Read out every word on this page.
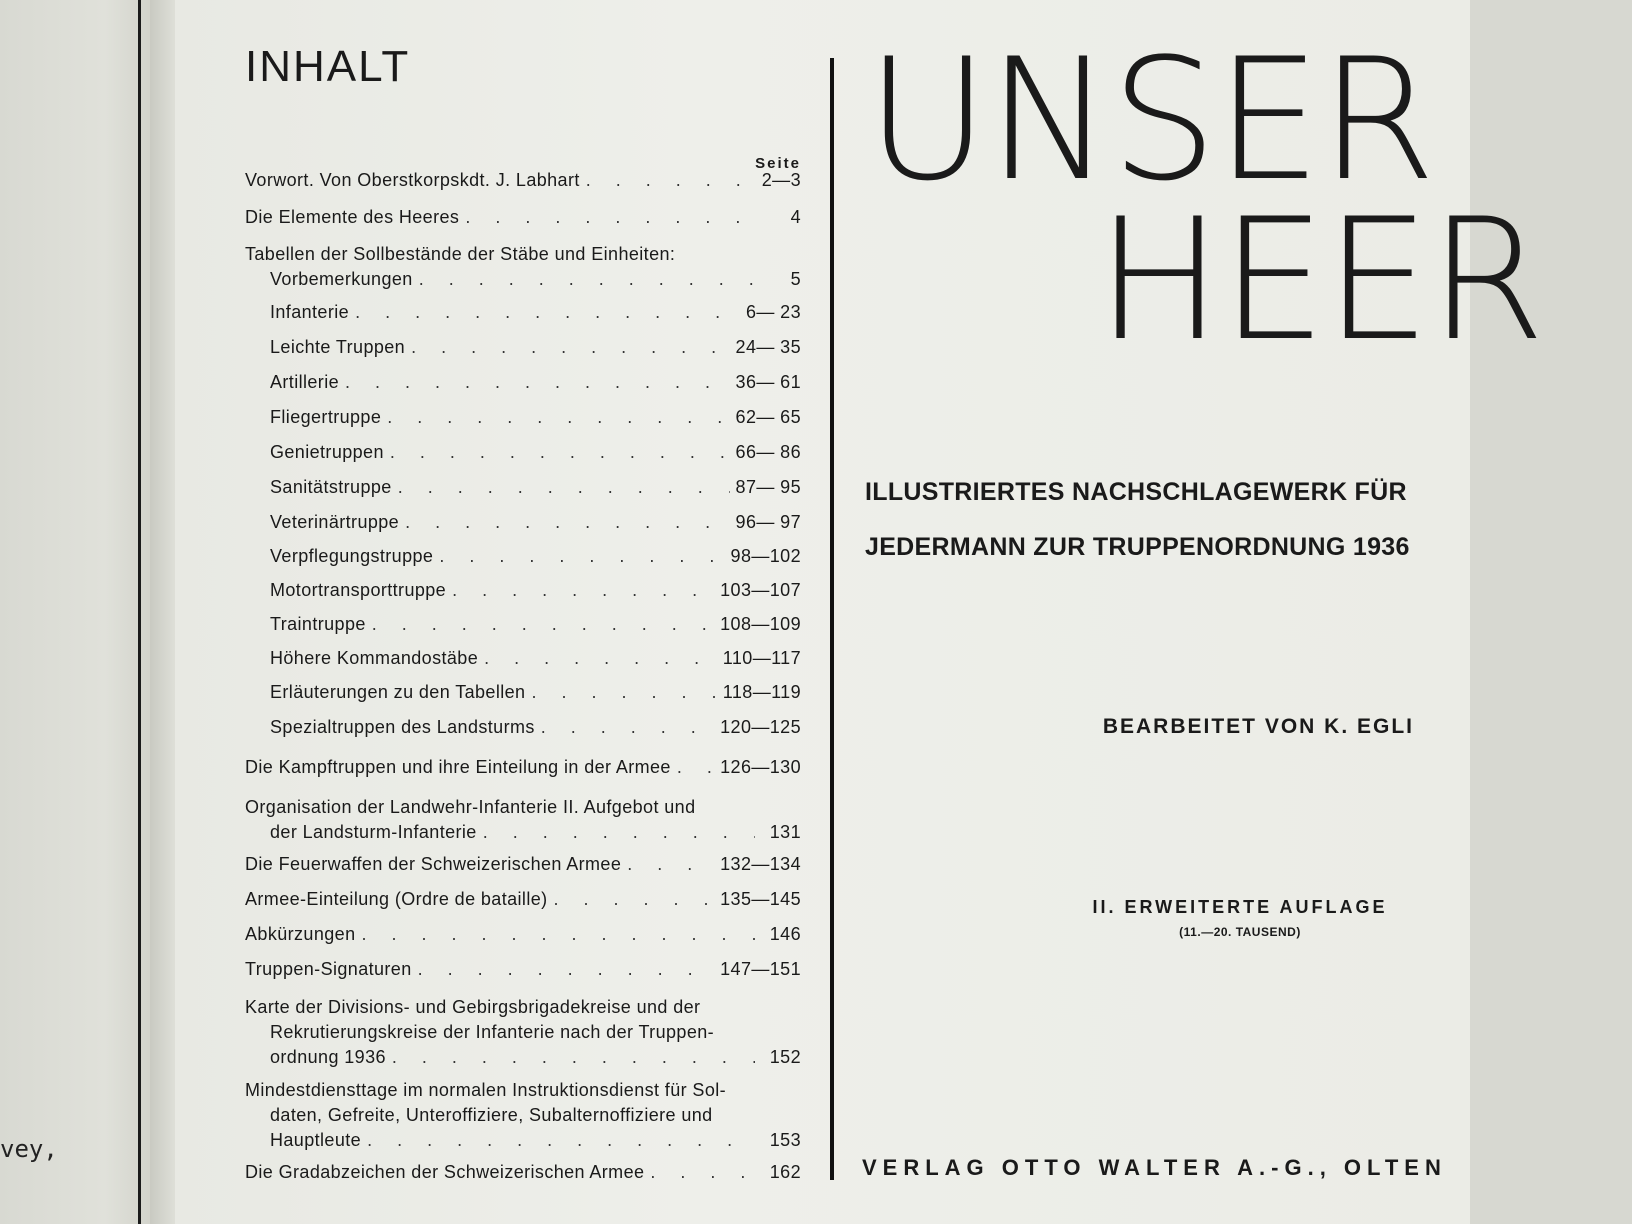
vey,
INHALT
Seite
Vorwort. Von Oberstkorpskdt. J. Labhart . . .	2—3
Die Elemente des Heeres . . .	4
Tabellen der Sollbestände der Stäbe und Einheiten:
Vorbemerkungen . . .	5
Infanterie . . .	6— 23
Leichte Truppen . . .	24— 35
Artillerie . . .	36— 61
Fliegertruppe . . .	62— 65
Genietruppen . . .	66— 86
Sanitätstruppe . . .	87— 95
Veterinärtruppe . . .	96— 97
Verpflegungstruppe . . .	98—102
Motortransporttruppe . . .	103—107
Traintruppe . . .	108—109
Höhere Kommandostäbe . . .	110—117
Erläuterungen zu den Tabellen . . .	118—119
Spezialtruppen des Landsturms . . .	120—125
Die Kampftruppen und ihre Einteilung in der Armee . . .	126—130
Organisation der Landwehr-Infanterie II. Aufgebot und
der Landsturm-Infanterie . . .	131
Die Feuerwaffen der Schweizerischen Armee . . .	132—134
Armee-Einteilung (Ordre de bataille) . . .	135—145
Abkürzungen . . .	146
Truppen-Signaturen . . .	147—151
Karte der Divisions- und Gebirgsbrigadekreise und der
Rekrutierungskreise der Infanterie nach der Truppen-
ordnung 1936 . . .	152
Mindestdiensttage im normalen Instruktionsdienst für Sol-
daten, Gefreite, Unteroffiziere, Subalternoffiziere und
Hauptleute . . .	153
Die Gradabzeichen der Schweizerischen Armee . . .	162
UNSER
HEER
ILLUSTRIERTES NACHSCHLAGEWERK FÜR
JEDERMANN ZUR TRUPPENORDNUNG 1936
BEARBEITET VON K. EGLI
II. ERWEITERTE AUFLAGE
(11.—20. TAUSEND)
VERLAG OTTO WALTER A.-G., OLTEN
